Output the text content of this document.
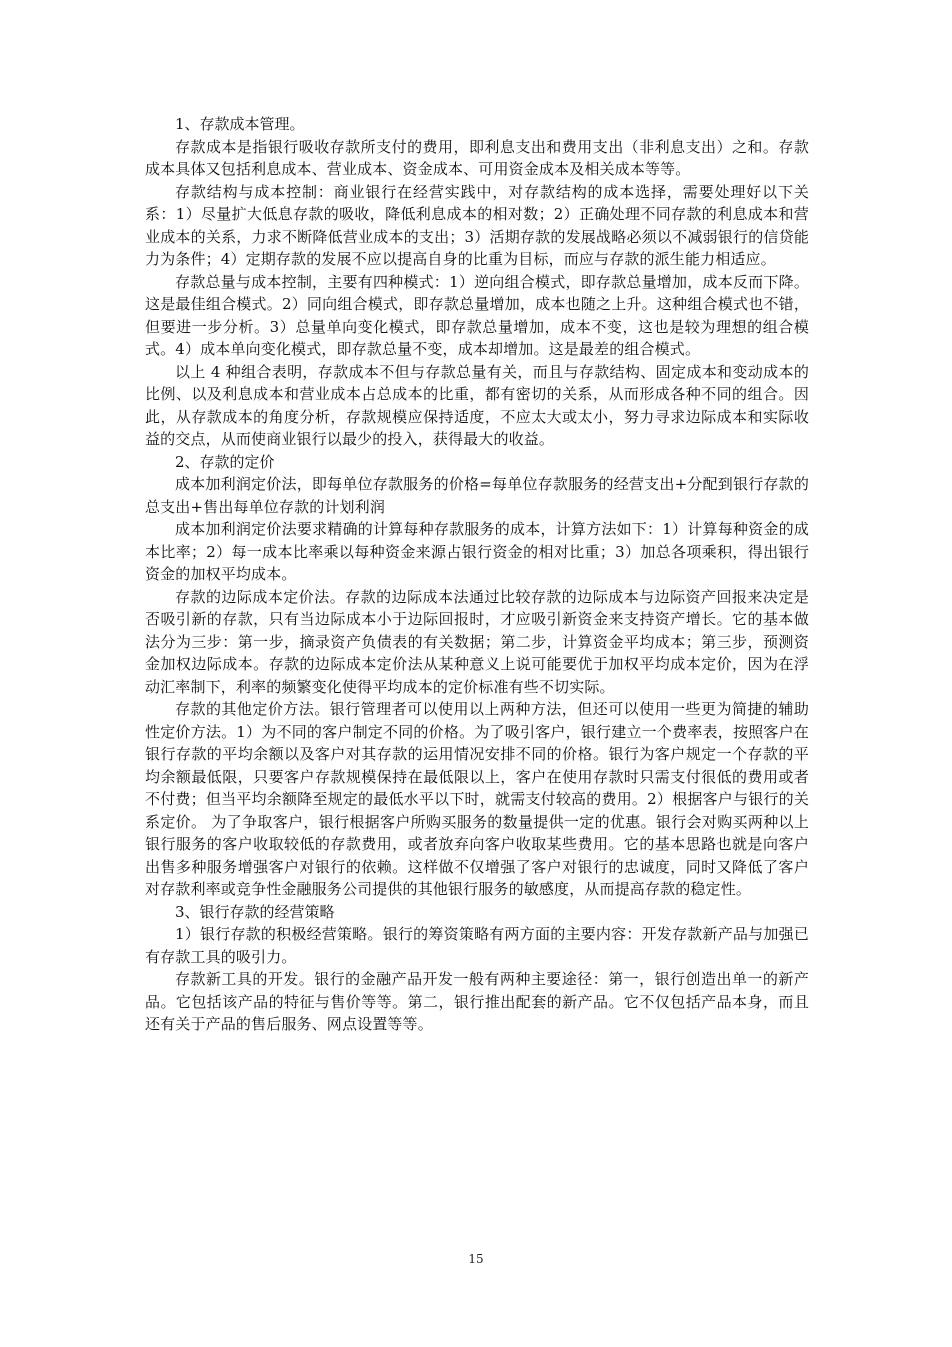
1、存款成本管理。

存款成本是指银行吸收存款所支付的费用，即利息支出和费用支出（非利息支出）之和。存款成本具体又包括利息成本、营业成本、资金成本、可用资金成本及相关成本等等。

存款结构与成本控制：商业银行在经营实践中，对存款结构的成本选择，需要处理好以下关系：1）尽量扩大低息存款的吸收，降低利息成本的相对数；2）正确处理不同存款的利息成本和营业成本的关系，力求不断降低营业成本的支出；3）活期存款的发展战略必须以不减弱银行的信贷能力为条件；4）定期存款的发展不应以提高自身的比重为目标，而应与存款的派生能力相适应。

存款总量与成本控制，主要有四种模式：1）逆向组合模式，即存款总量增加，成本反而下降。这是最佳组合模式。2）同向组合模式，即存款总量增加，成本也随之上升。这种组合模式也不错，但要进一步分析。3）总量单向变化模式，即存款总量增加，成本不变，这也是较为理想的组合模式。4）成本单向变化模式，即存款总量不变，成本却增加。这是最差的组合模式。

以上 4 种组合表明，存款成本不但与存款总量有关，而且与存款结构、固定成本和变动成本的比例、以及利息成本和营业成本占总成本的比重，都有密切的关系，从而形成各种不同的组合。因此，从存款成本的角度分析，存款规模应保持适度，不应太大或太小，努力寻求边际成本和实际收益的交点，从而使商业银行以最少的投入，获得最大的收益。

2、存款的定价

成本加利润定价法，即每单位存款服务的价格=每单位存款服务的经营支出+分配到银行存款的总支出+售出每单位存款的计划利润

成本加利润定价法要求精确的计算每种存款服务的成本，计算方法如下：1）计算每种资金的成本比率；2）每一成本比率乘以每种资金来源占银行资金的相对比重；3）加总各项乘积，得出银行资金的加权平均成本。

存款的边际成本定价法。存款的边际成本法通过比较存款的边际成本与边际资产回报来决定是否吸引新的存款，只有当边际成本小于边际回报时，才应吸引新资金来支持资产增长。它的基本做法分为三步：第一步，摘录资产负债表的有关数据；第二步，计算资金平均成本；第三步，预测资金加权边际成本。存款的边际成本定价法从某种意义上说可能要优于加权平均成本定价，因为在浮动汇率制下，利率的频繁变化使得平均成本的定价标准有些不切实际。

存款的其他定价方法。银行管理者可以使用以上两种方法，但还可以使用一些更为简捷的辅助性定价方法。1）为不同的客户制定不同的价格。为了吸引客户，银行建立一个费率表，按照客户在银行存款的平均余额以及客户对其存款的运用情况安排不同的价格。银行为客户规定一个存款的平均余额最低限，只要客户存款规模保持在最低限以上，客户在使用存款时只需支付很低的费用或者不付费；但当平均余额降至规定的最低水平以下时，就需支付较高的费用。2）根据客户与银行的关系定价。 为了争取客户，银行根据客户所购买服务的数量提供一定的优惠。银行会对购买两种以上银行服务的客户收取较低的存款费用，或者放弃向客户收取某些费用。它的基本思路也就是向客户出售多种服务增强客户对银行的依赖。这样做不仅增强了客户对银行的忠诚度，同时又降低了客户对存款利率或竞争性金融服务公司提供的其他银行服务的敏感度，从而提高存款的稳定性。

3、银行存款的经营策略

1）银行存款的积极经营策略。银行的筹资策略有两方面的主要内容：开发存款新产品与加强已有存款工具的吸引力。

存款新工具的开发。银行的金融产品开发一般有两种主要途径：第一，银行创造出单一的新产品。它包括该产品的特征与售价等等。第二，银行推出配套的新产品。它不仅包括产品本身，而且还有关于产品的售后服务、网点设置等等。

15
